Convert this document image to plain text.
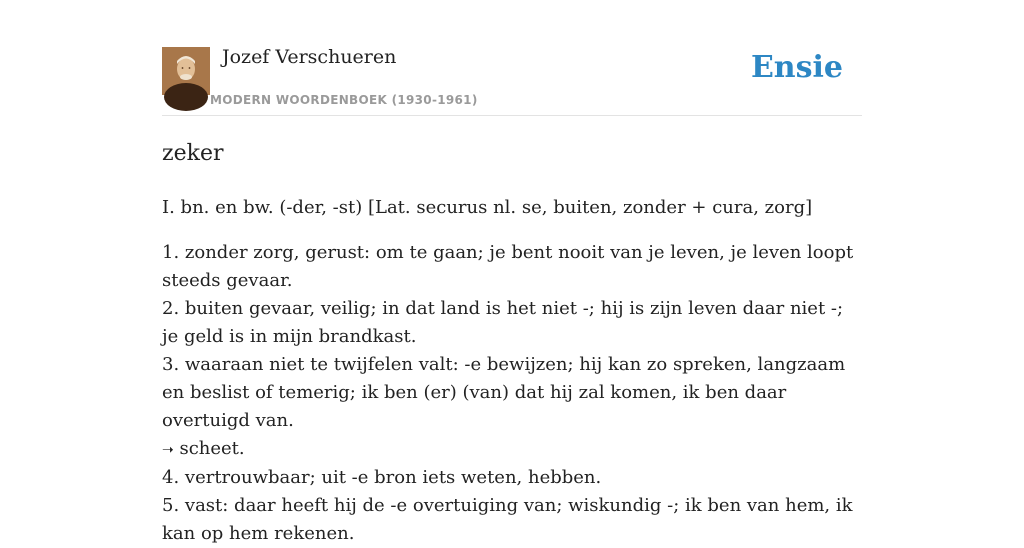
Jozef Verschueren
MODERN WOORDENBOEK (1930-1961)
Ensie
zeker
I. bn. en bw. (-der, -st) [Lat. securus nl. se, buiten, zonder + cura, zorg]
1. zonder zorg, gerust: om te gaan; je bent nooit van je leven, je leven loopt steeds gevaar.
2. buiten gevaar, veilig; in dat land is het niet -; hij is zijn leven daar niet -; je geld is in mijn brandkast.
3. waaraan niet te twijfelen valt: -e bewijzen; hij kan zo spreken, langzaam en beslist of temerig; ik ben (er) (van) dat hij zal komen, ik ben daar overtuigd van.
➝ scheet.
4. vertrouwbaar; uit -e bron iets weten, hebben.
5. vast: daar heeft hij de -e overtuiging van; wiskundig -; ik ben van hem, ik kan op hem rekenen.
